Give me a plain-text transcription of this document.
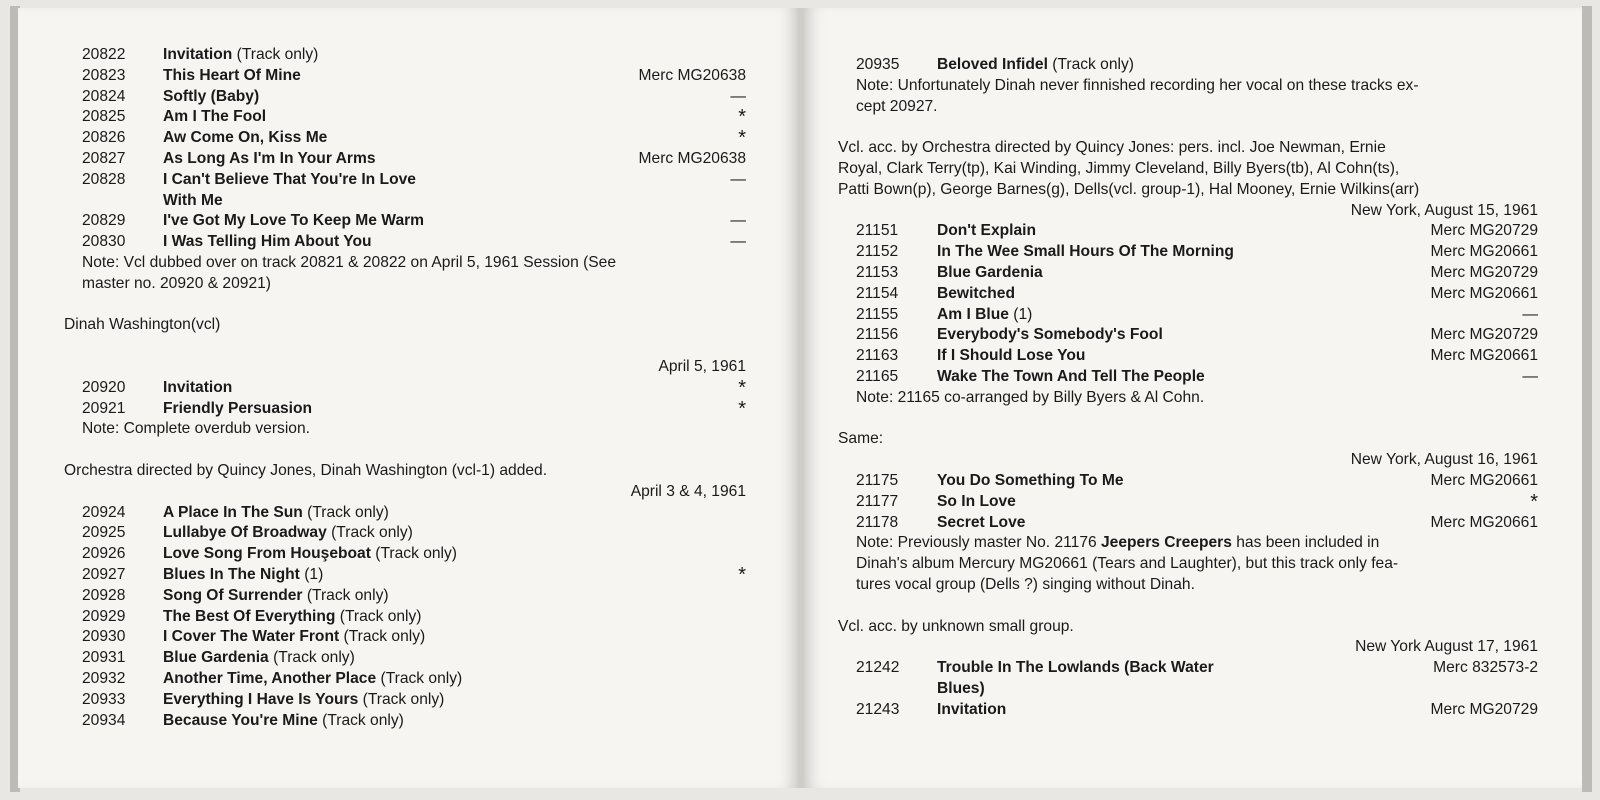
20822 Invitation (Track only)
20823 This Heart Of Mine	Merc MG20638
20824 Softly (Baby)	—
20825 Am I The Fool	*
20826 Aw Come On, Kiss Me	*
20827 As Long As I'm In Your Arms	Merc MG20638
20828 I Can't Believe That You're In Love	—
With Me
20829 I've Got My Love To Keep Me Warm	—
20830 I Was Telling Him About You	—
Note: Vcl dubbed over on track 20821 & 20822 on April 5, 1961 Session (See
master no. 20920 & 20921)
Dinah Washington(vcl)
April 5, 1961
20920 Invitation	*
20921 Friendly Persuasion	*
Note: Complete overdub version.
Orchestra directed by Quincy Jones, Dinah Washington (vcl-1) added.
April 3 & 4, 1961
20924 A Place In The Sun (Track only)
20925 Lullabye Of Broadway (Track only)
20926 Love Song From Houşeboat (Track only)
20927 Blues In The Night (1)	*
20928 Song Of Surrender (Track only)
20929 The Best Of Everything (Track only)
20930 I Cover The Water Front (Track only)
20931 Blue Gardenia (Track only)
20932 Another Time, Another Place (Track only)
20933 Everything I Have Is Yours (Track only)
20934 Because You're Mine (Track only)
20935 Beloved Infidel (Track only)
Note: Unfortunately Dinah never finnished recording her vocal on these tracks ex-
cept 20927.
Vcl. acc. by Orchestra directed by Quincy Jones: pers. incl. Joe Newman, Ernie
Royal, Clark Terry(tp), Kai Winding, Jimmy Cleveland, Billy Byers(tb), Al Cohn(ts),
Patti Bown(p), George Barnes(g), Dells(vcl. group-1), Hal Mooney, Ernie Wilkins(arr)
New York, August 15, 1961
21151 Don't Explain	Merc MG20729
21152 In The Wee Small Hours Of The Morning	Merc MG20661
21153 Blue Gardenia	Merc MG20729
21154 Bewitched	Merc MG20661
21155 Am I Blue (1)	—
21156 Everybody's Somebody's Fool	Merc MG20729
21163 If I Should Lose You	Merc MG20661
21165 Wake The Town And Tell The People	—
Note: 21165 co-arranged by Billy Byers & Al Cohn.
Same:
New York, August 16, 1961
21175 You Do Something To Me	Merc MG20661
21177 So In Love	*
21178 Secret Love	Merc MG20661
Note: Previously master No. 21176 Jeepers Creepers has been included in
Dinah's album Mercury MG20661 (Tears and Laughter), but this track only fea-
tures vocal group (Dells ?) singing without Dinah.
Vcl. acc. by unknown small group.
New York August 17, 1961
21242 Trouble In The Lowlands (Back Water	Merc 832573-2
Blues)
21243 Invitation	Merc MG20729
